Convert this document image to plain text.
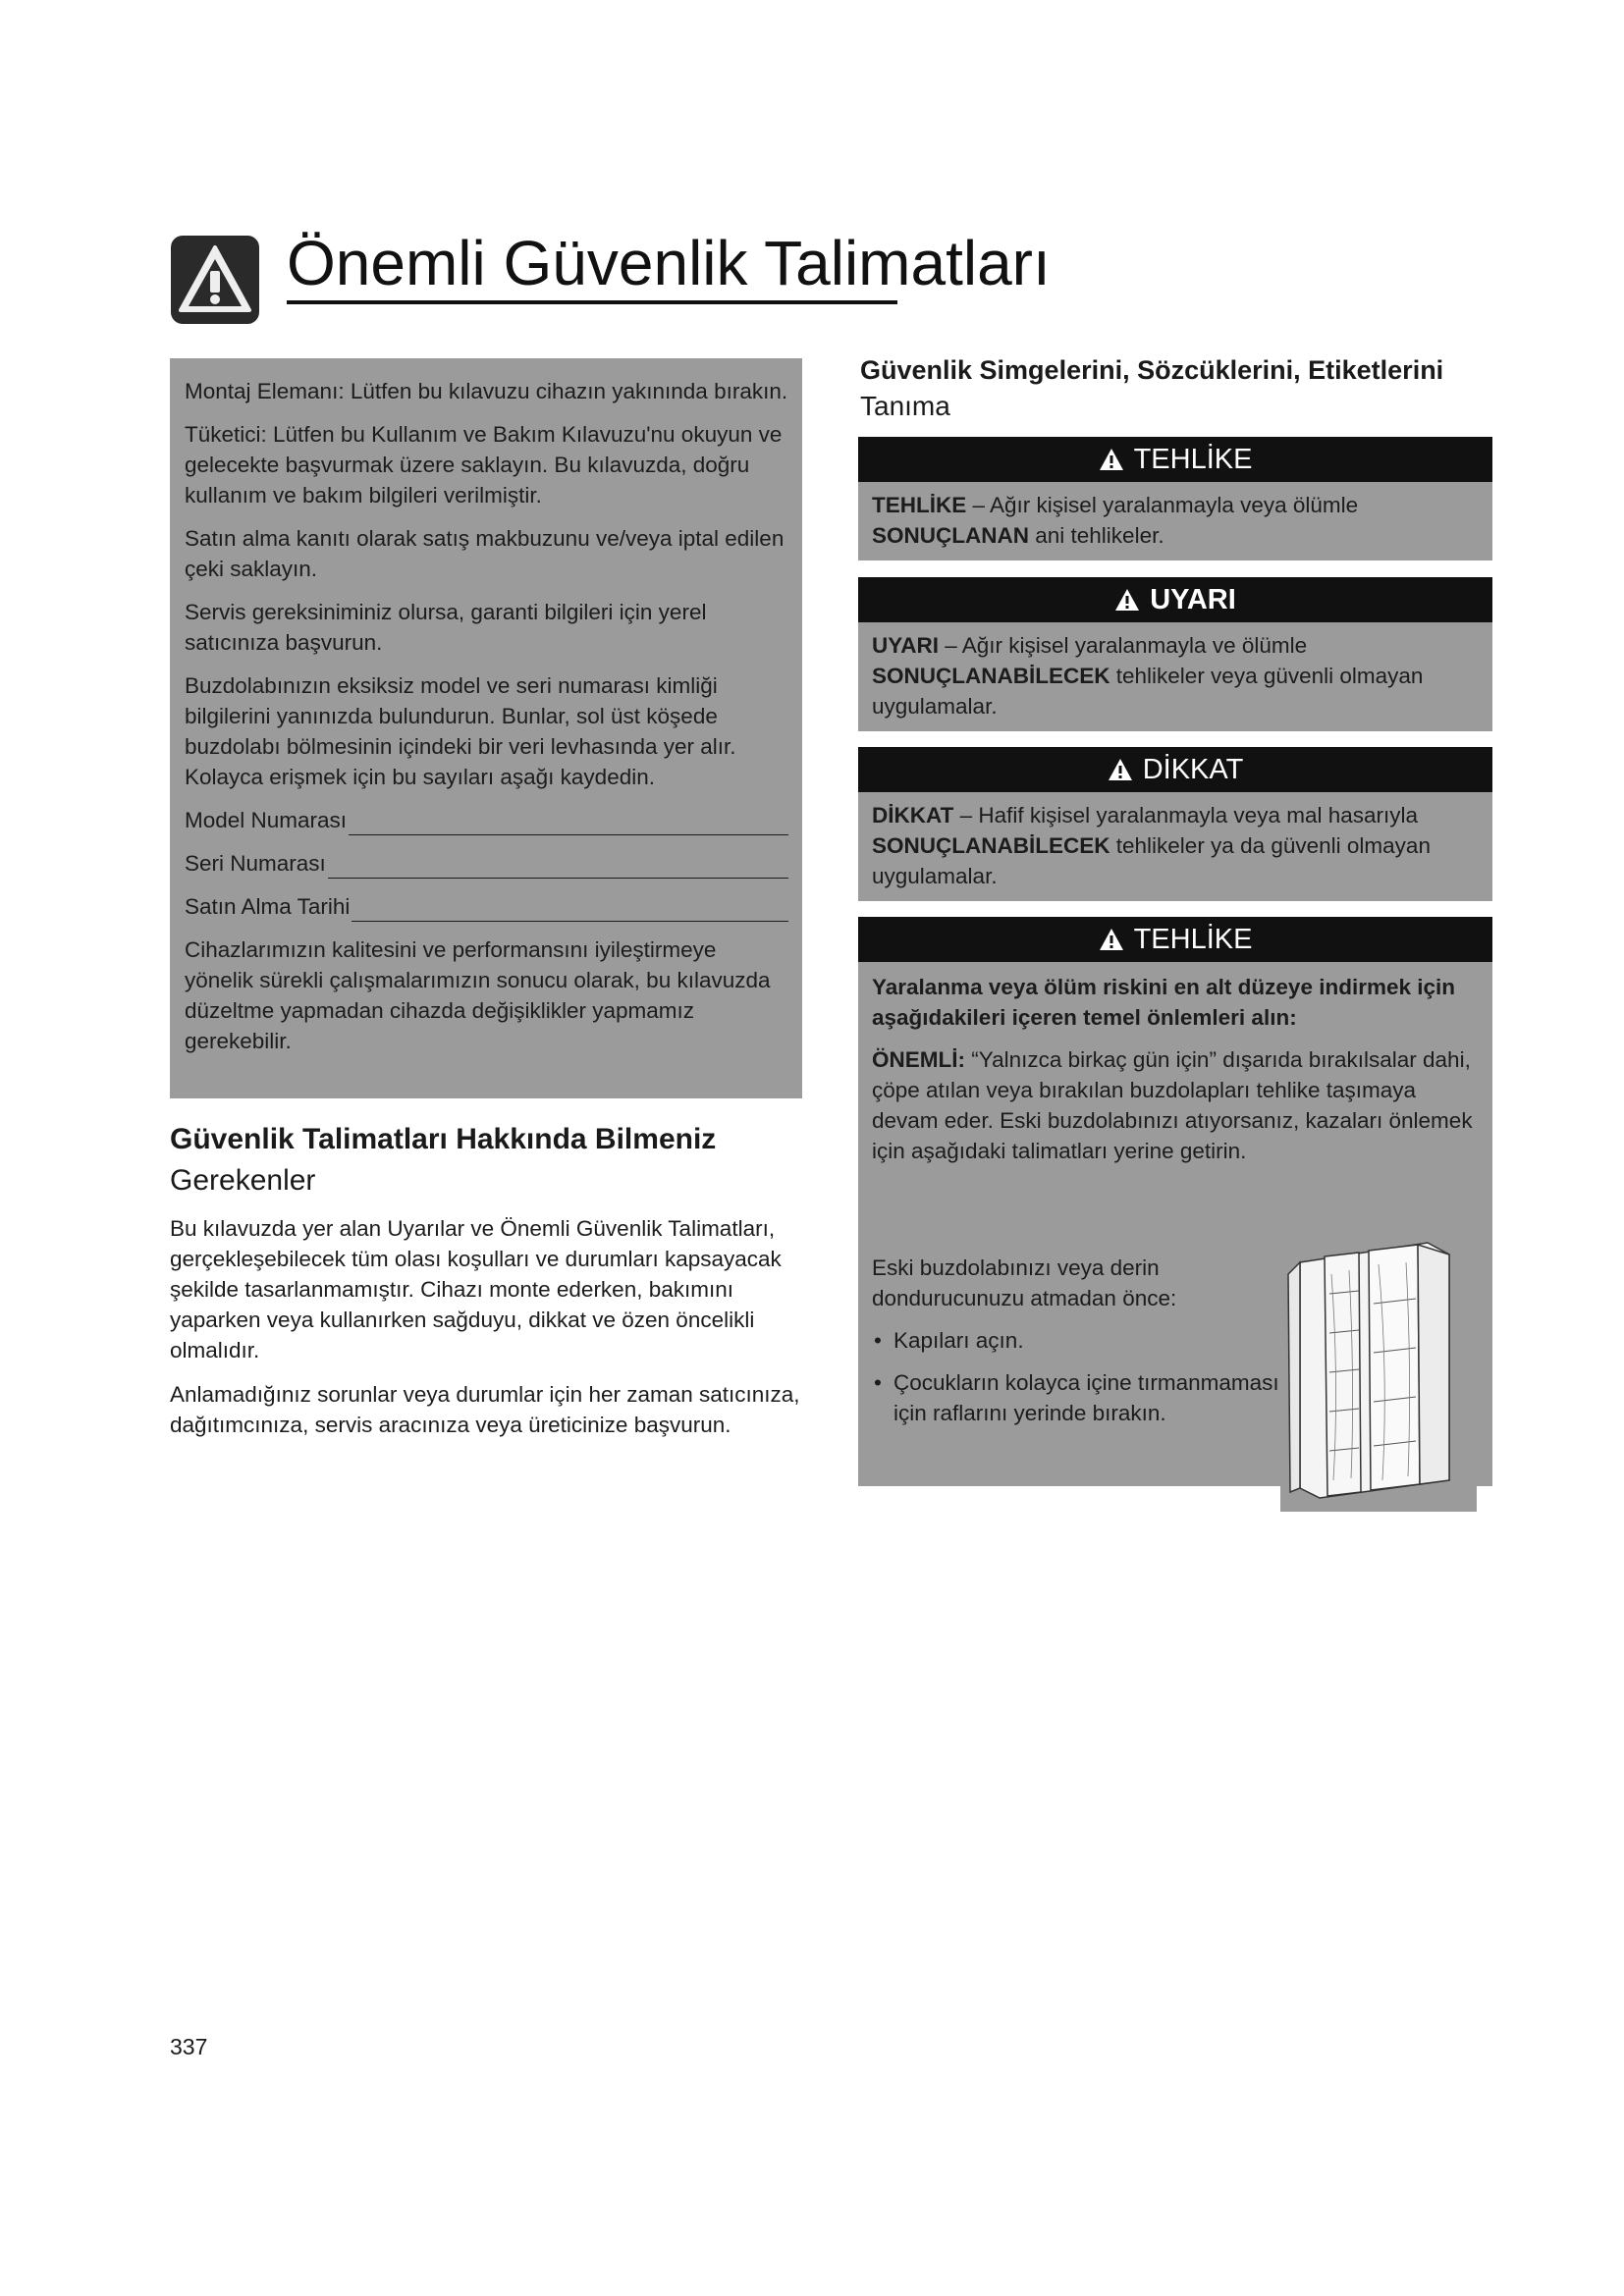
Önemli Güvenlik Talimatları

Montaj Elemanı: Lütfen bu kılavuzu cihazın yakınında bırakın.

Tüketici: Lütfen bu Kullanım ve Bakım Kılavuzu'nu okuyun ve gelecekte başvurmak üzere saklayın. Bu kılavuzda, doğru kullanım ve bakım bilgileri verilmiştir.

Satın alma kanıtı olarak satış makbuzunu ve/veya iptal edilen çeki saklayın.

Servis gereksiniminiz olursa, garanti bilgileri için yerel satıcınıza başvurun.

Buzdolabınızın eksiksiz model ve seri numarası kimliği bilgilerini yanınızda bulundurun. Bunlar, sol üst köşede buzdolabı bölmesinin içindeki bir veri levhasında yer alır. Kolayca erişmek için bu sayıları aşağı kaydedin.

Model Numarası
Seri Numarası
Satın Alma Tarihi

Cihazlarımızın kalitesini ve performansını iyileştirmeye yönelik sürekli çalışmalarımızın sonucu olarak, bu kılavuzda düzeltme yapmadan cihazda değişiklikler yapmamız gerekebilir.

Güvenlik Simgelerini, Sözcüklerini, Etiketlerini
Tanıma
TEHLİKE
TEHLİKE – Ağır kişisel yaralanmayla veya ölümle SONUÇLANAN ani tehlikeler.
UYARI
UYARI – Ağır kişisel yaralanmayla ve ölümle SONUÇLANABİLECEK tehlikeler veya güvenli olmayan uygulamalar.
DİKKAT
DİKKAT – Hafif kişisel yaralanmayla veya mal hasarıyla SONUÇLANABİLECEK tehlikeler ya da güvenli olmayan uygulamalar.
TEHLİKE
Yaralanma veya ölüm riskini en alt düzeye indirmek için aşağıdakileri içeren temel önlemleri alın:

ÖNEMLİ: “Yalnızca birkaç gün için” dışarıda bırakılsalar dahi, çöpe atılan veya bırakılan buzdolapları tehlike taşımaya devam eder. Eski buzdolabınızı atıyorsanız, kazaları önlemek için aşağıdaki talimatları yerine getirin.

Eski buzdolabınızı veya derin dondurucunuzu atmadan önce:

• Kapıları açın.
• Çocukların kolayca içine tırmanmaması için raflarını yerinde bırakın.
Güvenlik Talimatları Hakkında Bilmeniz
Gerekenler

Bu kılavuzda yer alan Uyarılar ve Önemli Güvenlik Talimatları, gerçekleşebilecek tüm olası koşulları ve durumları kapsayacak şekilde tasarlanmamıştır. Cihazı monte ederken, bakımını yaparken veya kullanırken sağduyu, dikkat ve özen öncelikli olmalıdır.

Anlamadığınız sorunlar veya durumlar için her zaman satıcınıza, dağıtımcınıza, servis aracınıza veya üreticinize başvurun.

337
